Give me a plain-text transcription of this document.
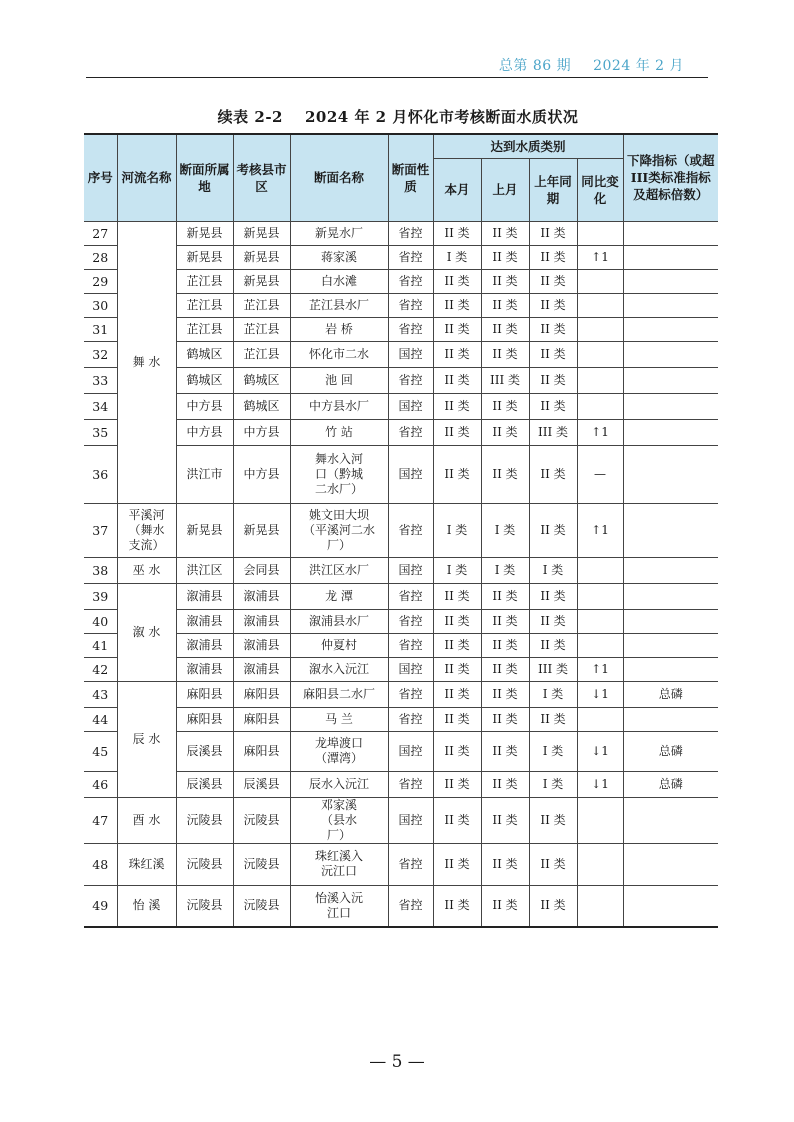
总第 86 期 2024 年 2 月
续表 2-2 2024 年 2 月怀化市考核断面水质状况
序号	河流名称	断面所属地	考核县市区	断面名称	断面性质	达到水质类别				下降指标（或超III类标准指标及超标倍数）
						本月	上月	上年同期	同比变化	
27	舞 水	新晃县	新晃县	新晃水厂	省控	II 类	II 类	II 类		
28		新晃县	新晃县	蒋家溪	省控	I 类	II 类	II 类	↑1	
29		芷江县	新晃县	白水滩	省控	II 类	II 类	II 类		
30		芷江县	芷江县	芷江县水厂	省控	II 类	II 类	II 类		
31		芷江县	芷江县	岩 桥	省控	II 类	II 类	II 类		
32		鹤城区	芷江县	怀化市二水	国控	II 类	II 类	II 类		
33		鹤城区	鹤城区	池 回	省控	II 类	III 类	II 类		
34		中方县	鹤城区	中方县水厂	国控	II 类	II 类	II 类		
35		中方县	中方县	竹 站	省控	II 类	II 类	III 类	↑1	
36		洪江市	中方县	舞水入河口（黔城二水厂）	国控	II 类	II 类	II 类	—	
37	平溪河（舞水支流）	新晃县	新晃县	姚文田大坝（平溪河二水厂）	省控	I 类	I 类	II 类	↑1	
38	巫 水	洪江区	会同县	洪江区水厂	国控	I 类	I 类	I 类		
39	溆 水	溆浦县	溆浦县	龙 潭	省控	II 类	II 类	II 类		
40		溆浦县	溆浦县	溆浦县水厂	省控	II 类	II 类	II 类		
41		溆浦县	溆浦县	仲夏村	省控	II 类	II 类	II 类		
42		溆浦县	溆浦县	溆水入沅江	国控	II 类	II 类	III 类	↑1	
43	辰 水	麻阳县	麻阳县	麻阳县二水厂	省控	II 类	II 类	I 类	↓1	总磷
44		麻阳县	麻阳县	马 兰	省控	II 类	II 类	II 类		
45		辰溪县	麻阳县	龙埠渡口（潭湾）	国控	II 类	II 类	I 类	↓1	总磷
46		辰溪县	辰溪县	辰水入沅江	省控	II 类	II 类	I 类	↓1	总磷
47	酉 水	沅陵县	沅陵县	邓家溪（县水厂）	国控	II 类	II 类	II 类		
48	珠红溪	沅陵县	沅陵县	珠红溪入沅江口	省控	II 类	II 类	II 类		
49	怡 溪	沅陵县	沅陵县	怡溪入沅江口	省控	II 类	II 类	II 类		
— 5 —
